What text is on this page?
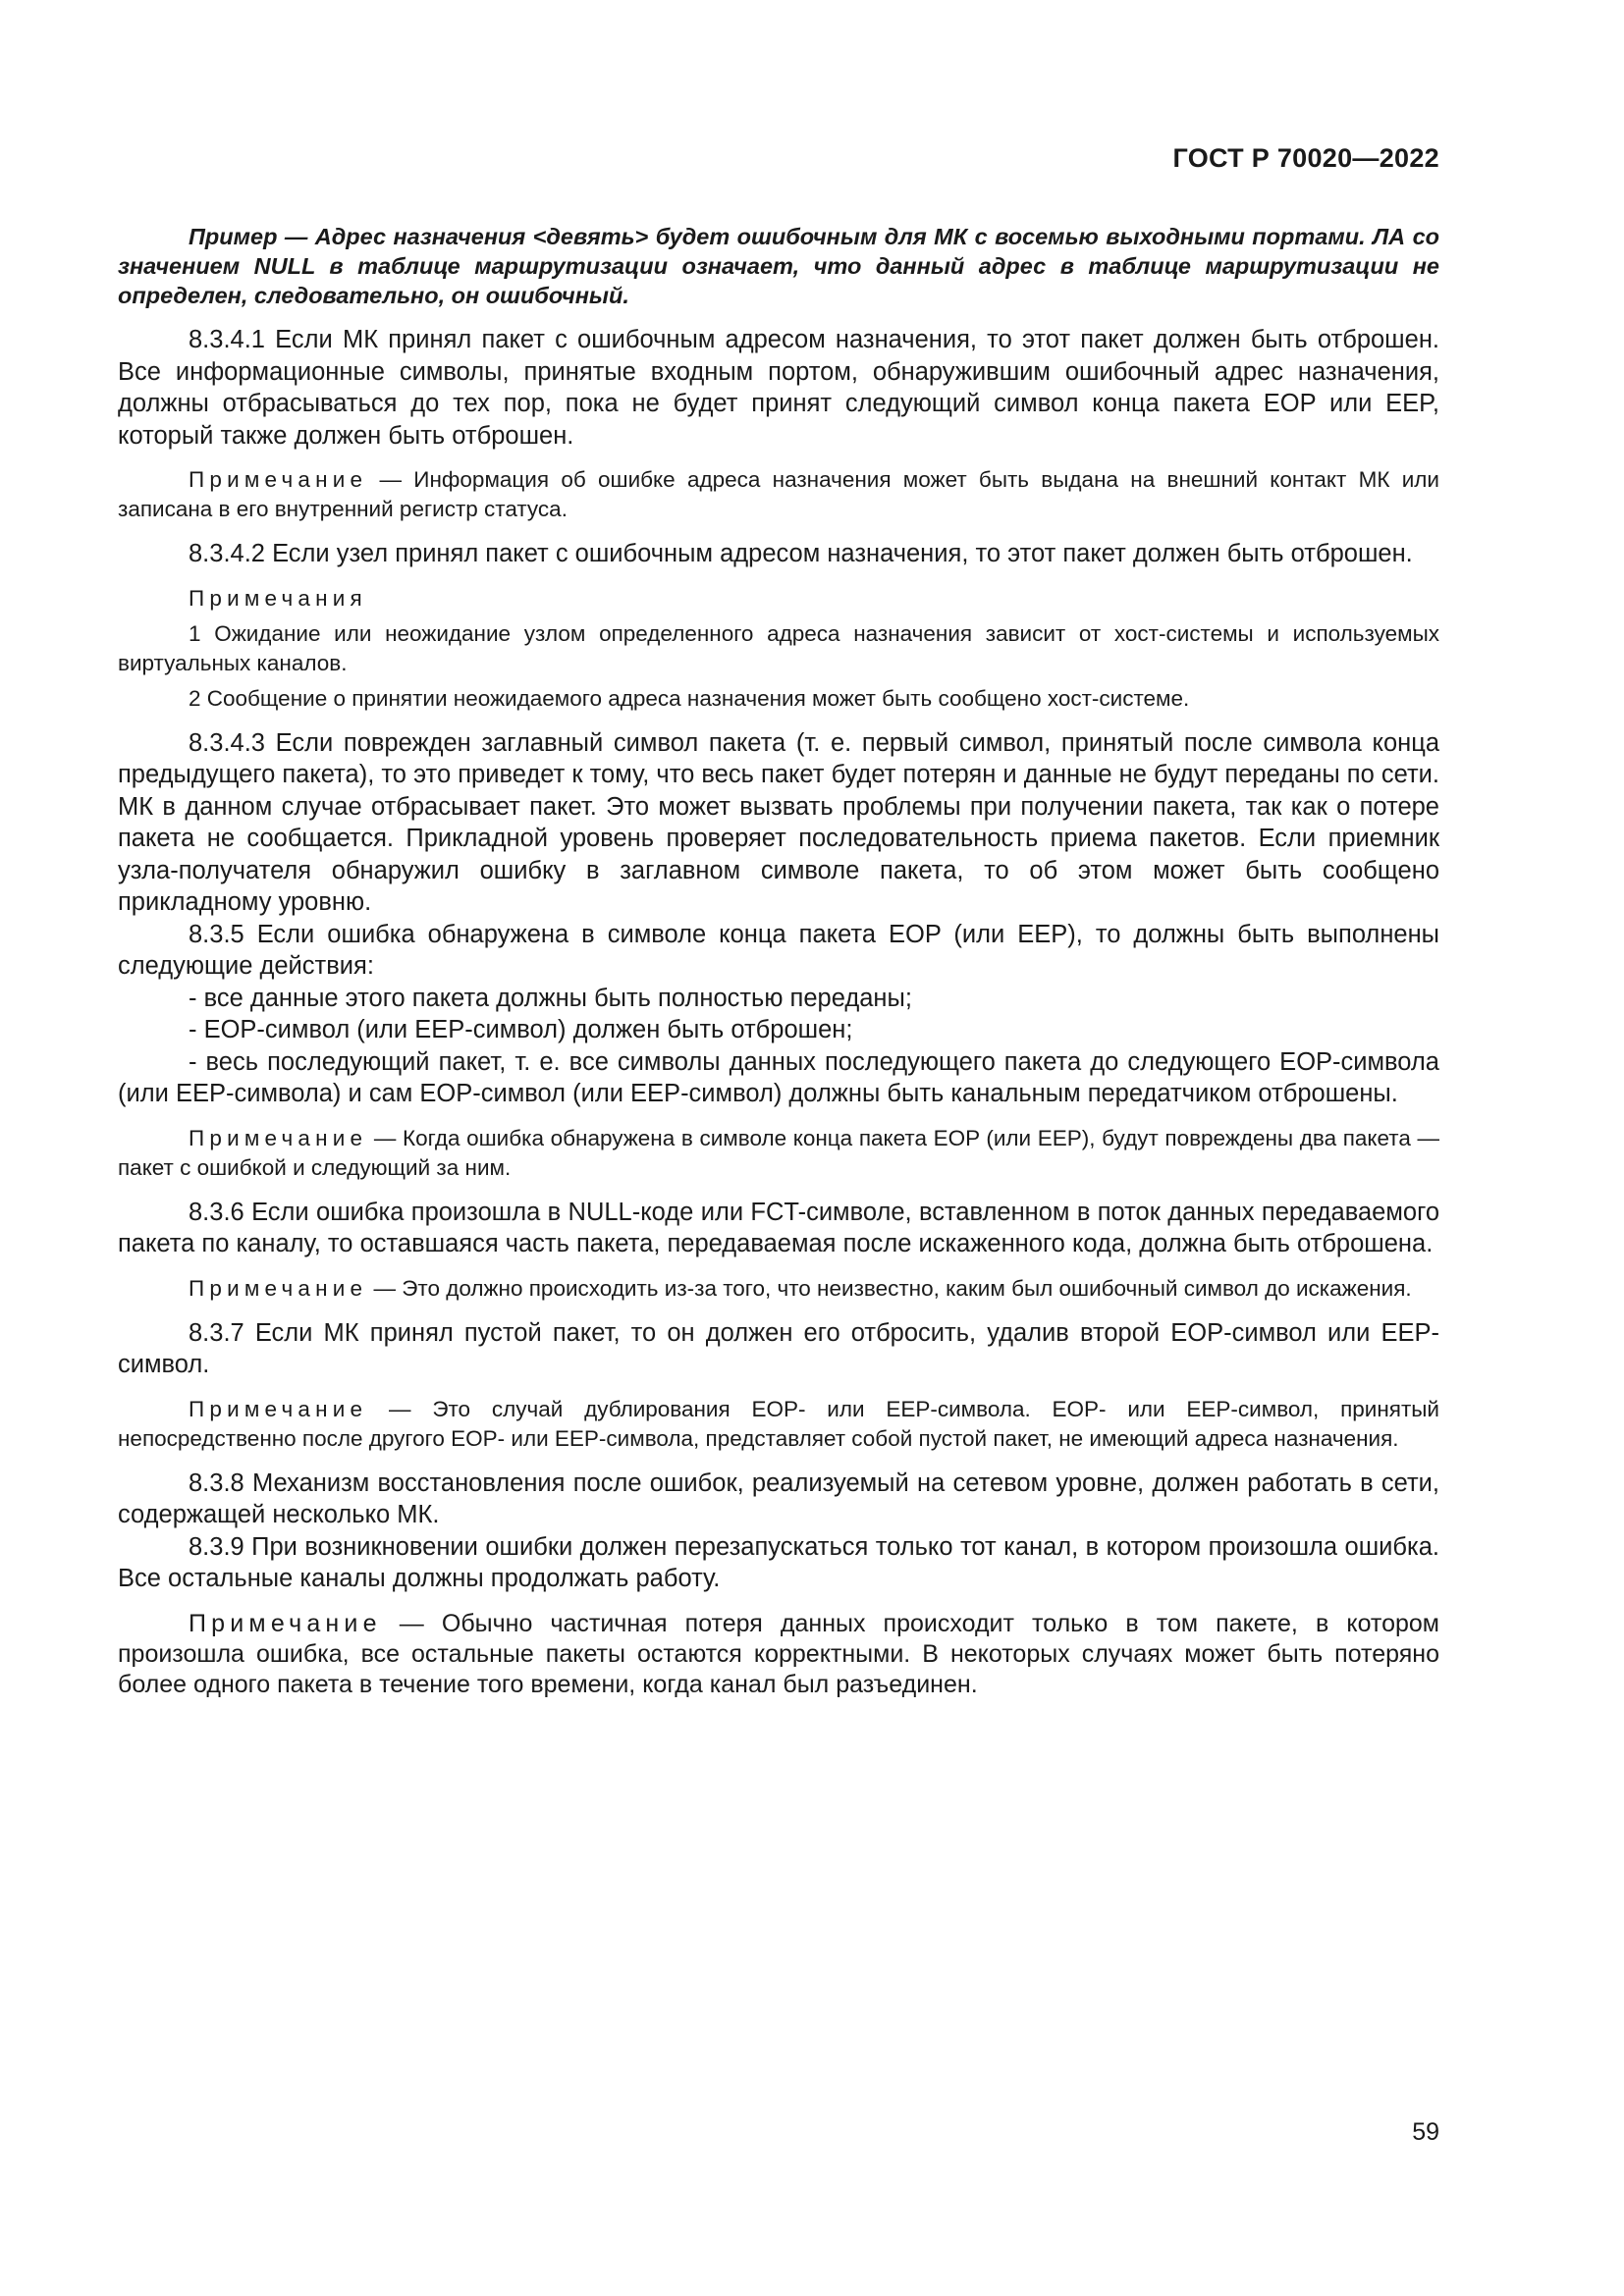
ГОСТ Р 70020—2022

Пример — Адрес назначения <девять> будет ошибочным для МК с восемью выходными портами. ЛА со значением NULL в таблице маршрутизации означает, что данный адрес в таблице маршрутизации не определен, следовательно, он ошибочный.

8.3.4.1 Если МК принял пакет с ошибочным адресом назначения, то этот пакет должен быть отброшен. Все информационные символы, принятые входным портом, обнаружившим ошибочный адрес назначения, должны отбрасываться до тех пор, пока не будет принят следующий символ конца пакета EOP или EEP, который также должен быть отброшен.

Примечание — Информация об ошибке адреса назначения может быть выдана на внешний контакт МК или записана в его внутренний регистр статуса.

8.3.4.2 Если узел принял пакет с ошибочным адресом назначения, то этот пакет должен быть отброшен.

Примечания

1 Ожидание или неожидание узлом определенного адреса назначения зависит от хост-системы и используемых виртуальных каналов.

2 Сообщение о принятии неожидаемого адреса назначения может быть сообщено хост-системе.

8.3.4.3 Если поврежден заглавный символ пакета (т. е. первый символ, принятый после символа конца предыдущего пакета), то это приведет к тому, что весь пакет будет потерян и данные не будут переданы по сети. МК в данном случае отбрасывает пакет. Это может вызвать проблемы при получении пакета, так как о потере пакета не сообщается. Прикладной уровень проверяет последовательность приема пакетов. Если приемник узла-получателя обнаружил ошибку в заглавном символе пакета, то об этом может быть сообщено прикладному уровню.

8.3.5 Если ошибка обнаружена в символе конца пакета EOP (или EEP), то должны быть выполнены следующие действия:

- все данные этого пакета должны быть полностью переданы;

- EOP-символ (или EEP-символ) должен быть отброшен;

- весь последующий пакет, т. е. все символы данных последующего пакета до следующего EOP-символа (или EEP-символа) и сам EOP-символ (или EEP-символ) должны быть канальным передатчиком отброшены.

Примечание — Когда ошибка обнаружена в символе конца пакета EOP (или EEP), будут повреждены два пакета — пакет с ошибкой и следующий за ним.

8.3.6 Если ошибка произошла в NULL-коде или FCT-символе, вставленном в поток данных передаваемого пакета по каналу, то оставшаяся часть пакета, передаваемая после искаженного кода, должна быть отброшена.

Примечание — Это должно происходить из-за того, что неизвестно, каким был ошибочный символ до искажения.

8.3.7 Если МК принял пустой пакет, то он должен его отбросить, удалив второй EOP-символ или EEP-символ.

Примечание — Это случай дублирования EOP- или EEP-символа. EOP- или EEP-символ, принятый непосредственно после другого EOP- или EEP-символа, представляет собой пустой пакет, не имеющий адреса назначения.

8.3.8 Механизм восстановления после ошибок, реализуемый на сетевом уровне, должен работать в сети, содержащей несколько МК.

8.3.9 При возникновении ошибки должен перезапускаться только тот канал, в котором произошла ошибка. Все остальные каналы должны продолжать работу.

Примечание — Обычно частичная потеря данных происходит только в том пакете, в котором произошла ошибка, все остальные пакеты остаются корректными. В некоторых случаях может быть потеряно более одного пакета в течение того времени, когда канал был разъединен.

59
